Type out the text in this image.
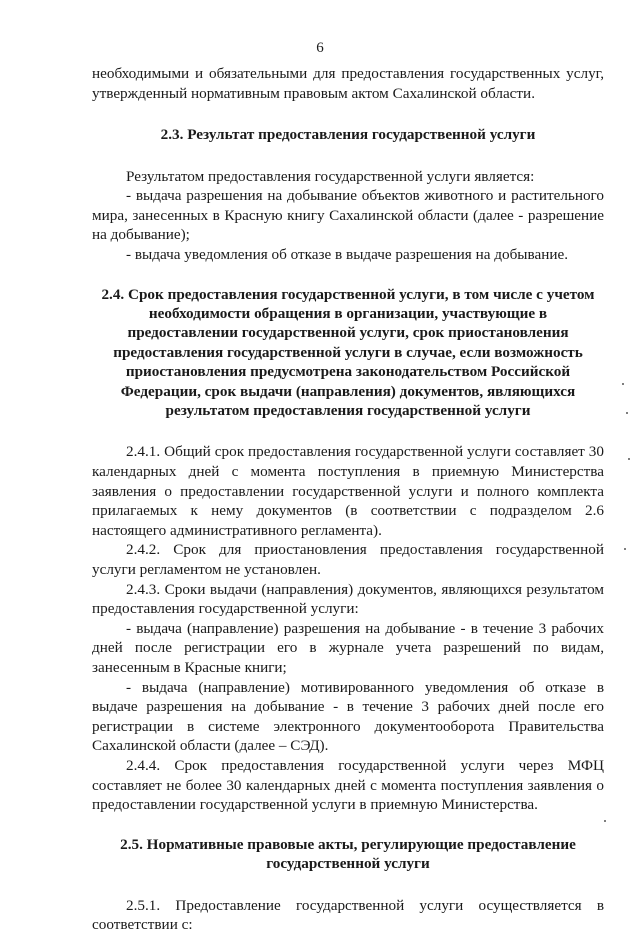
6

необходимыми и обязательными для предоставления государственных услуг, утвержденный нормативным правовым актом Сахалинской области.

2.3. Результат предоставления государственной услуги

Результатом предоставления государственной услуги является:

- выдача разрешения на добывание объектов животного и растительного мира, занесенных в Красную книгу Сахалинской области (далее - разрешение на добывание);

- выдача уведомления об отказе в выдаче разрешения на добывание.

2.4. Срок предоставления государственной услуги, в том числе с учетом необходимости обращения в организации, участвующие в предоставлении государственной услуги, срок приостановления предоставления государственной услуги в случае, если возможность приостановления предусмотрена законодательством Российской Федерации, срок выдачи (направления) документов, являющихся результатом предоставления государственной услуги

2.4.1. Общий срок предоставления государственной услуги составляет 30 календарных дней с момента поступления в приемную Министерства заявления о предоставлении государственной услуги и полного комплекта прилагаемых к нему документов (в соответствии с подразделом 2.6 настоящего административного регламента).

2.4.2. Срок для приостановления предоставления государственной услуги регламентом не установлен.

2.4.3. Сроки выдачи (направления) документов, являющихся результатом предоставления государственной услуги:

- выдача (направление) разрешения на добывание - в течение 3 рабочих дней после регистрации его в журнале учета разрешений по видам, занесенным в Красные книги;

- выдача (направление) мотивированного уведомления об отказе в выдаче разрешения на добывание - в течение 3 рабочих дней после его регистрации в системе электронного документооборота Правительства Сахалинской области (далее – СЭД).

2.4.4. Срок предоставления государственной услуги через МФЦ составляет не более 30 календарных дней с момента поступления заявления о предоставлении государственной услуги в приемную Министерства.

2.5. Нормативные правовые акты, регулирующие предоставление государственной услуги

2.5.1. Предоставление государственной услуги осуществляется в соответствии с:
